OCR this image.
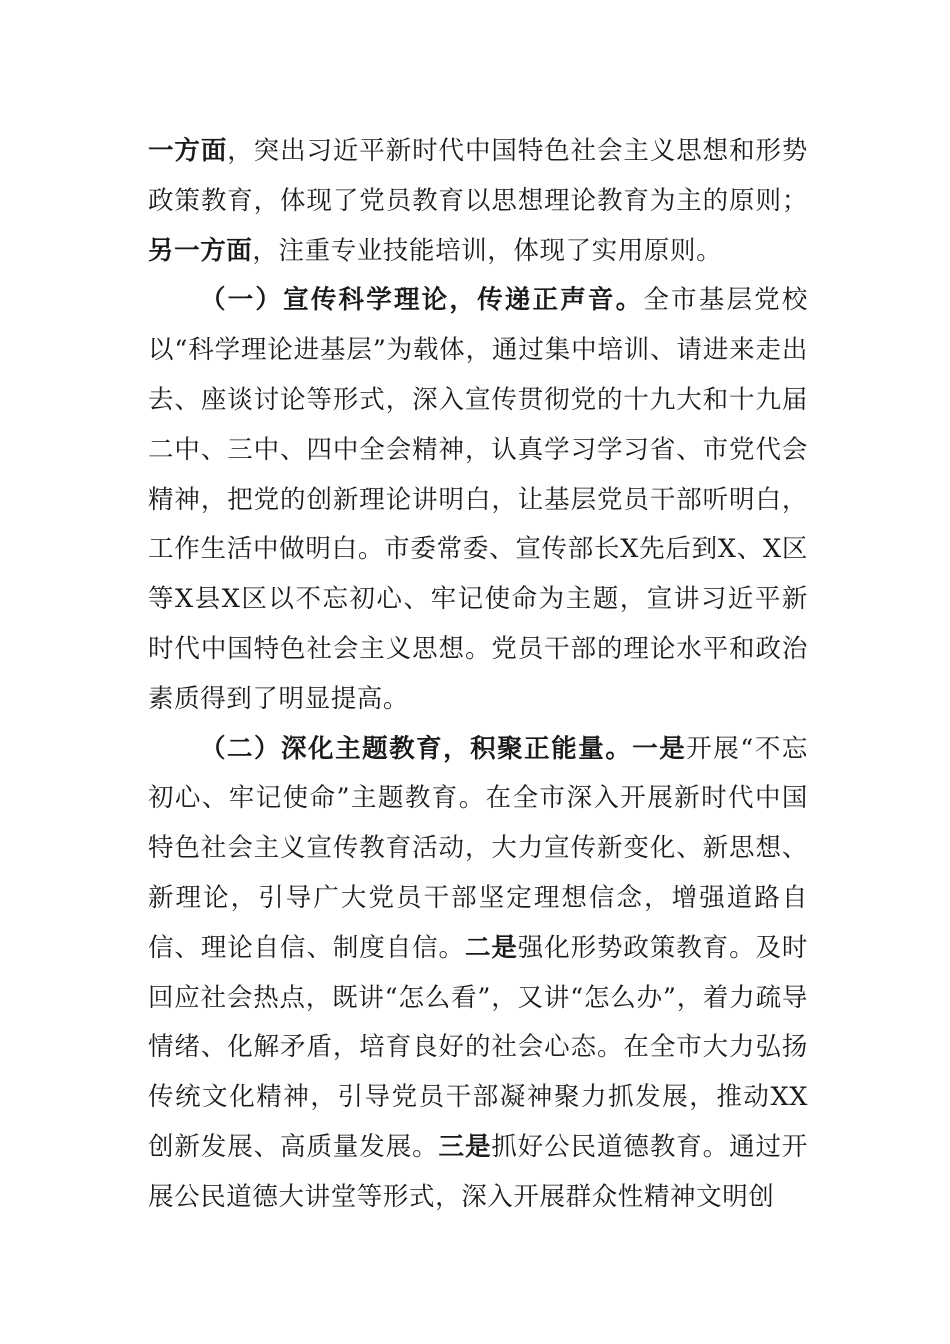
一方面，突出习近平新时代中国特色社会主义思想和形势政策教育，体现了党员教育以思想理论教育为主的原则；另一方面，注重专业技能培训，体现了实用原则。

（一）宣传科学理论，传递正声音。全市基层党校以“科学理论进基层”为载体，通过集中培训、请进来走出去、座谈讨论等形式，深入宣传贯彻党的十九大和十九届二中、三中、四中全会精神，认真学习学习省、市党代会精神，把党的创新理论讲明白，让基层党员干部听明白，工作生活中做明白。市委常委、宣传部长X先后到X、X区等X县X区以不忘初心、牢记使命为主题，宣讲习近平新时代中国特色社会主义思想。党员干部的理论水平和政治素质得到了明显提高。

（二）深化主题教育，积聚正能量。一是开展“不忘初心、牢记使命”主题教育。在全市深入开展新时代中国特色社会主义宣传教育活动，大力宣传新变化、新思想、新理论，引导广大党员干部坚定理想信念，增强道路自信、理论自信、制度自信。二是强化形势政策教育。及时回应社会热点，既讲“怎么看”，又讲“怎么办”，着力疏导情绪、化解矛盾，培育良好的社会心态。在全市大力弘扬传统文化精神，引导党员干部凝神聚力抓发展，推动XX创新发展、高质量发展。三是抓好公民道德教育。通过开展公民道德大讲堂等形式，深入开展群众性精神文明创
